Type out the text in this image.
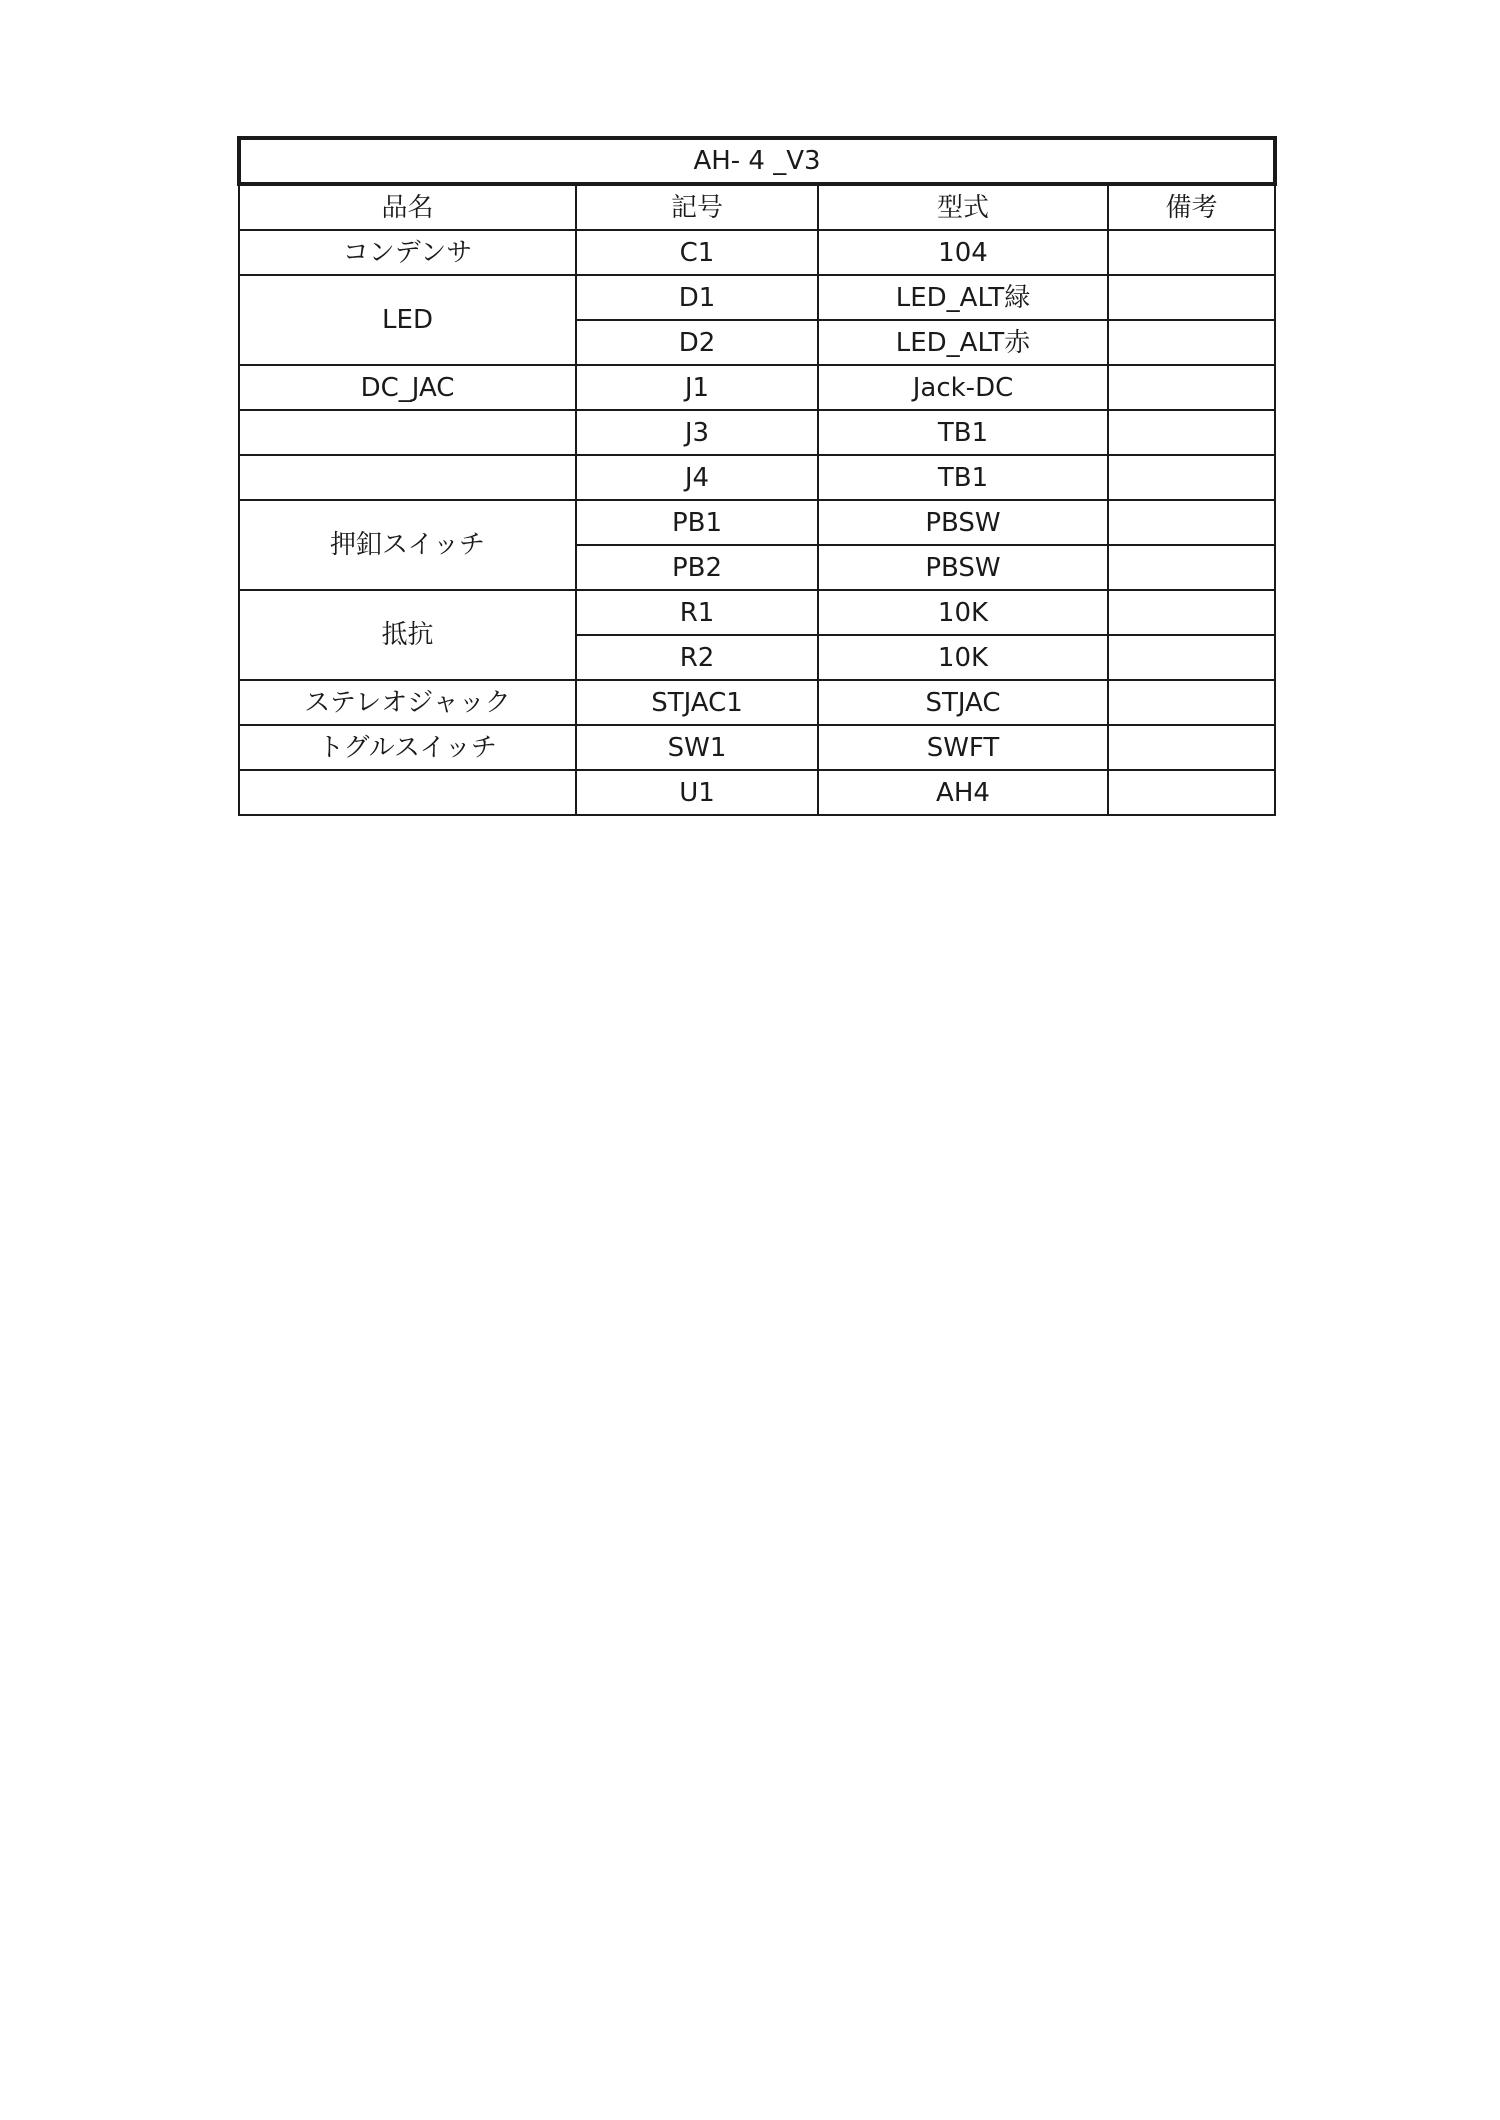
AH- 4 _V3			
品名	記号	型式	備考
コンデンサ	C1	104	
LED	D1	LED_ALT緑	
	D2	LED_ALT赤	
DC_JAC	J1	Jack-DC	
	J3	TB1	
	J4	TB1	
押釦スイッチ	PB1	PBSW	
	PB2	PBSW	
抵抗	R1	10K	
	R2	10K	
ステレオジャック	STJAC1	STJAC	
トグルスイッチ	SW1	SWFT	
	U1	AH4	
